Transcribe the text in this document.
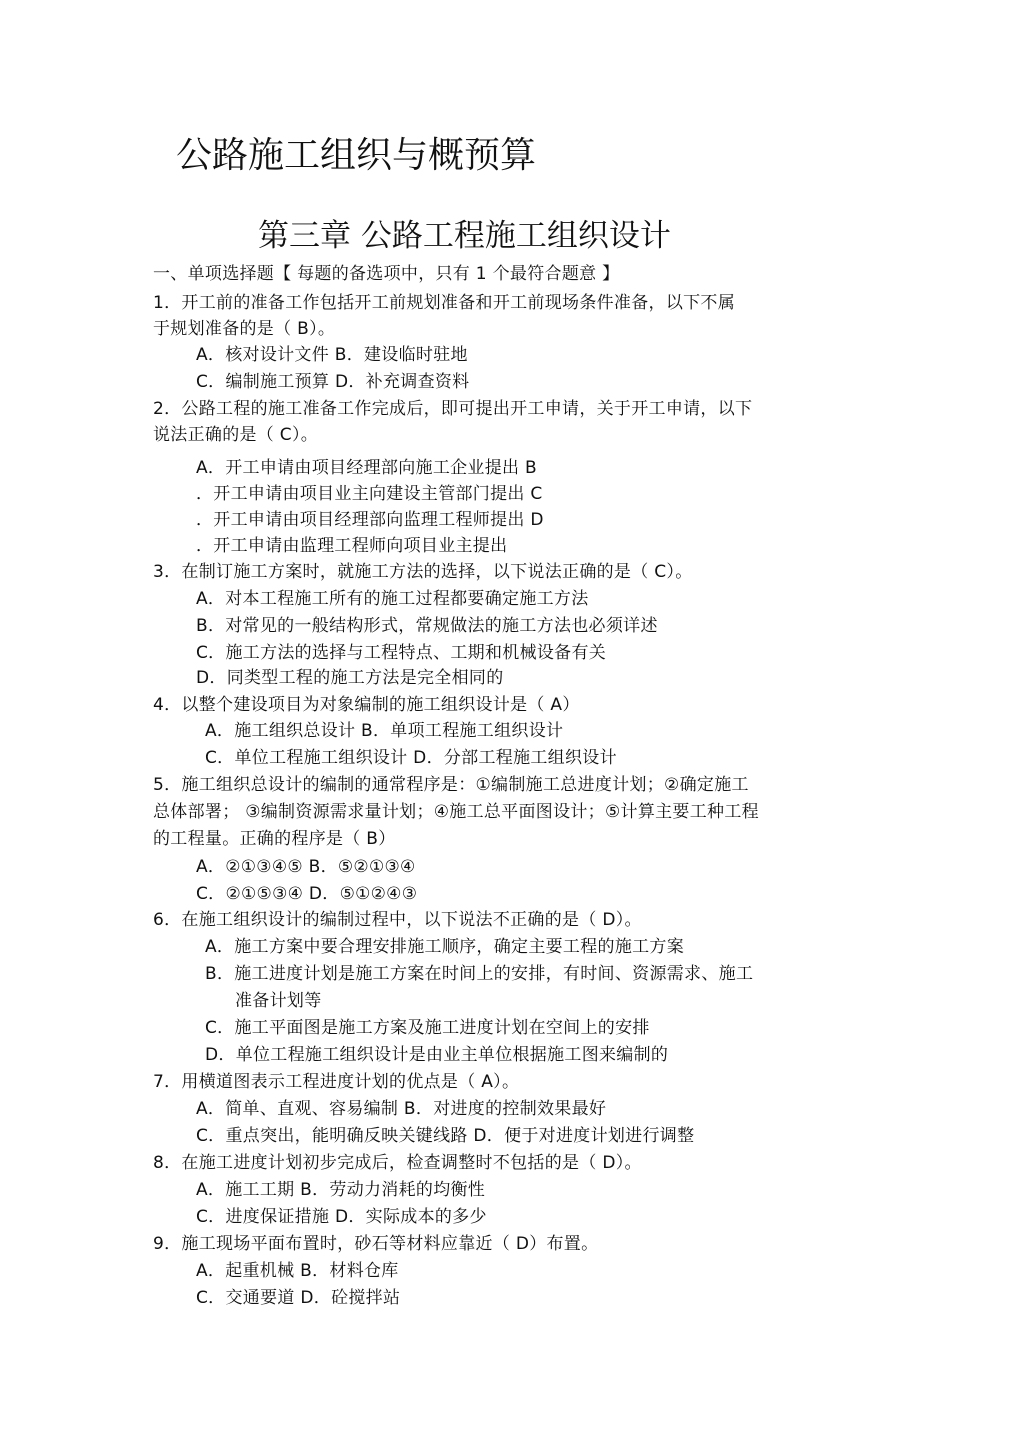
公路施工组织与概预算
第三章 公路工程施工组织设计
一、单项选择题【 每题的备选项中，只有 1 个最符合题意 】
1．开工前的准备工作包括开工前规划准备和开工前现场条件准备，以下不属
于规划准备的是（ B）。
A．核对设计文件 B．建设临时驻地
C．编制施工预算 D．补充调查资料
2．公路工程的施工准备工作完成后，即可提出开工申请，关于开工申请，以下
说法正确的是（ C）。
A．开工申请由项目经理部向施工企业提出 B
．开工申请由项目业主向建设主管部门提出 C
．开工申请由项目经理部向监理工程师提出 D
．开工申请由监理工程师向项目业主提出
3．在制订施工方案时，就施工方法的选择，以下说法正确的是（ C）。
A．对本工程施工所有的施工过程都要确定施工方法
B．对常见的一般结构形式，常规做法的施工方法也必须详述
C．施工方法的选择与工程特点、工期和机械设备有关
D．同类型工程的施工方法是完全相同的
4．以整个建设项目为对象编制的施工组织设计是（ A）
A．施工组织总设计 B．单项工程施工组织设计
C．单位工程施工组织设计 D．分部工程施工组织设计
5．施工组织总设计的编制的通常程序是：①编制施工总进度计划；②确定施工
总体部署； ③编制资源需求量计划；④施工总平面图设计；⑤计算主要工种工程
的工程量。正确的程序是（ B）
A．②①③④⑤ B．⑤②①③④
C．②①⑤③④ D．⑤①②④③
6．在施工组织设计的编制过程中，以下说法不正确的是（ D）。
A．施工方案中要合理安排施工顺序，确定主要工程的施工方案
B．施工进度计划是施工方案在时间上的安排，有时间、资源需求、施工
准备计划等
C．施工平面图是施工方案及施工进度计划在空间上的安排
D．单位工程施工组织设计是由业主单位根据施工图来编制的
7．用横道图表示工程进度计划的优点是（ A）。
A．简单、直观、容易编制 B．对进度的控制效果最好
C．重点突出，能明确反映关键线路 D．便于对进度计划进行调整
8．在施工进度计划初步完成后，检查调整时不包括的是（ D）。
A．施工工期 B．劳动力消耗的均衡性
C．进度保证措施 D．实际成本的多少
9．施工现场平面布置时，砂石等材料应靠近（ D）布置。
A．起重机械 B．材料仓库
C．交通要道 D．砼搅拌站
